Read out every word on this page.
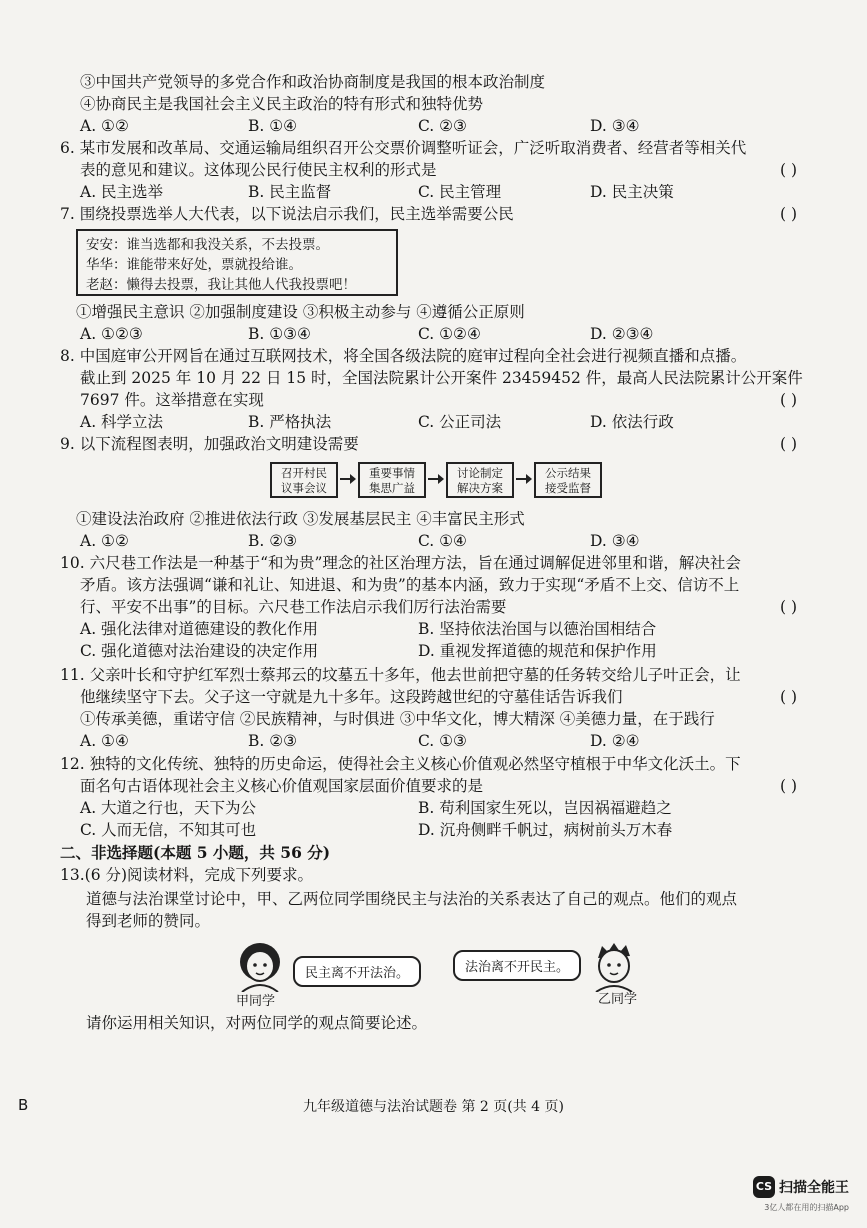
③中国共产党领导的多党合作和政治协商制度是我国的根本政治制度
④协商民主是我国社会主义民主政治的特有形式和独特优势
A. ①②	B. ①④	C. ②③	D. ③④
6. 某市发展和改革局、交通运输局组织召开公交票价调整听证会，广泛听取消费者、经营者等相关代
表的意见和建议。这体现公民行使民主权利的形式是	( )
A. 民主选举	B. 民主监督	C. 民主管理	D. 民主决策
7. 围绕投票选举人大代表，以下说法启示我们，民主选举需要公民	( )
安安：谁当选都和我没关系，不去投票。
华华：谁能带来好处，票就投给谁。
老赵：懒得去投票，我让其他人代我投票吧！
①增强民主意识 ②加强制度建设 ③积极主动参与 ④遵循公正原则
A. ①②③	B. ①③④	C. ①②④	D. ②③④
8. 中国庭审公开网旨在通过互联网技术，将全国各级法院的庭审过程向全社会进行视频直播和点播。
截止到 2025 年 10 月 22 日 15 时，全国法院累计公开案件 23459452 件，最高人民法院累计公开案件
7697 件。这举措意在实现	( )
A. 科学立法	B. 严格执法	C. 公正司法	D. 依法行政
9. 以下流程图表明，加强政治文明建设需要	( )
召开村民
议事会议
重要事情
集思广益
讨论制定
解决方案
公示结果
接受监督
①建设法治政府 ②推进依法行政 ③发展基层民主 ④丰富民主形式
A. ①②	B. ②③	C. ①④	D. ③④
10. 六尺巷工作法是一种基于“和为贵”理念的社区治理方法，旨在通过调解促进邻里和谐，解决社会
矛盾。该方法强调“谦和礼让、知进退、和为贵”的基本内涵，致力于实现“矛盾不上交、信访不上
行、平安不出事”的目标。六尺巷工作法启示我们厉行法治需要	( )
A. 强化法律对道德建设的教化作用	B. 坚持依法治国与以德治国相结合
C. 强化道德对法治建设的决定作用	D. 重视发挥道德的规范和保护作用
11. 父亲叶长和守护红军烈士蔡邦云的坟墓五十多年，他去世前把守墓的任务转交给儿子叶正会，让
他继续坚守下去。父子这一守就是九十多年。这段跨越世纪的守墓佳话告诉我们	( )
①传承美德，重诺守信 ②民族精神，与时俱进 ③中华文化，博大精深 ④美德力量，在于践行
A. ①④	B. ②③	C. ①③	D. ②④
12. 独特的文化传统、独特的历史命运，使得社会主义核心价值观必然坚守植根于中华文化沃土。下
面名句古语体现社会主义核心价值观国家层面价值要求的是	( )
A. 大道之行也，天下为公	B. 苟利国家生死以，岂因祸福避趋之
C. 人而无信，不知其可也	D. 沉舟侧畔千帆过，病树前头万木春
二、非选择题(本题 5 小题，共 56 分)
13.(6 分)阅读材料，完成下列要求。
道德与法治课堂讨论中，甲、乙两位同学围绕民主与法治的关系表达了自己的观点。他们的观点
得到老师的赞同。
甲同学
民主离不开法治。	法治离不开民主。
乙同学
请你运用相关知识，对两位同学的观点简要论述。
B	九年级道德与法治试题卷 第 2 页(共 4 页)
CS 扫描全能王
3亿人都在用的扫描App
